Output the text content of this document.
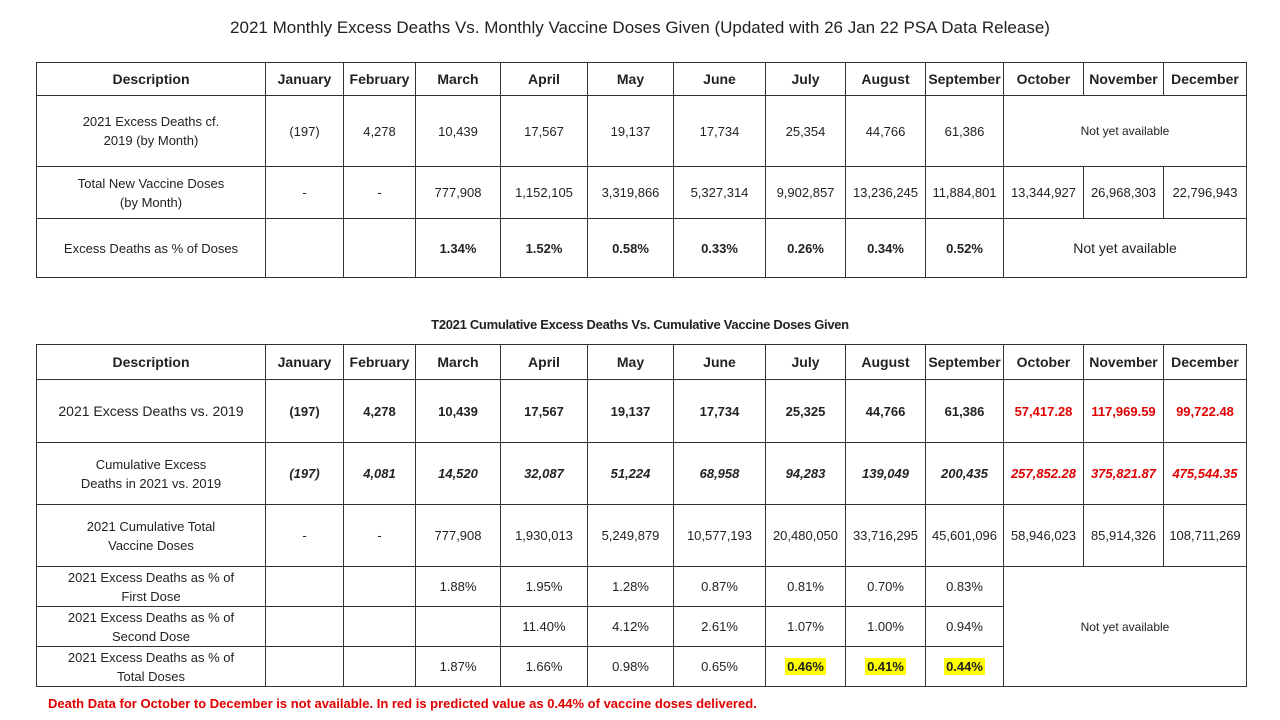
2021 Monthly Excess Deaths Vs. Monthly Vaccine Doses Given (Updated with 26 Jan 22 PSA Data Release)
Description	January	February	March	April	May	June	July	August	September	October	November	December
2021 Excess Deaths cf. 2019 (by Month)	(197)	4,278	10,439	17,567	19,137	17,734	25,354	44,766	61,386	Not yet available		
Total New Vaccine Doses (by Month)	-	-	777,908	1,152,105	3,319,866	5,327,314	9,902,857	13,236,245	11,884,801	13,344,927	26,968,303	22,796,943
Excess Deaths as % of Doses			1.34%	1.52%	0.58%	0.33%	0.26%	0.34%	0.52%	Not yet available		
T2021 Cumulative Excess Deaths Vs. Cumulative Vaccine Doses Given
Description	January	February	March	April	May	June	July	August	September	October	November	December
2021 Excess Deaths vs. 2019	(197)	4,278	10,439	17,567	19,137	17,734	25,325	44,766	61,386	57,417.28	117,969.59	99,722.48
Cumulative Excess Deaths in 2021 vs. 2019	(197)	4,081	14,520	32,087	51,224	68,958	94,283	139,049	200,435	257,852.28	375,821.87	475,544.35
2021 Cumulative Total Vaccine Doses	-	-	777,908	1,930,013	5,249,879	10,577,193	20,480,050	33,716,295	45,601,096	58,946,023	85,914,326	108,711,269
2021 Excess Deaths as % of First Dose			1.88%	1.95%	1.28%	0.87%	0.81%	0.70%	0.83%	Not yet available		
2021 Excess Deaths as % of Second Dose				11.40%	4.12%	2.61%	1.07%	1.00%	0.94%			
2021 Excess Deaths as % of Total Doses			1.87%	1.66%	0.98%	0.65%	0.46%	0.41%	0.44%			
Death Data for October to December is not available. In red is predicted value as 0.44% of vaccine doses delivered.
